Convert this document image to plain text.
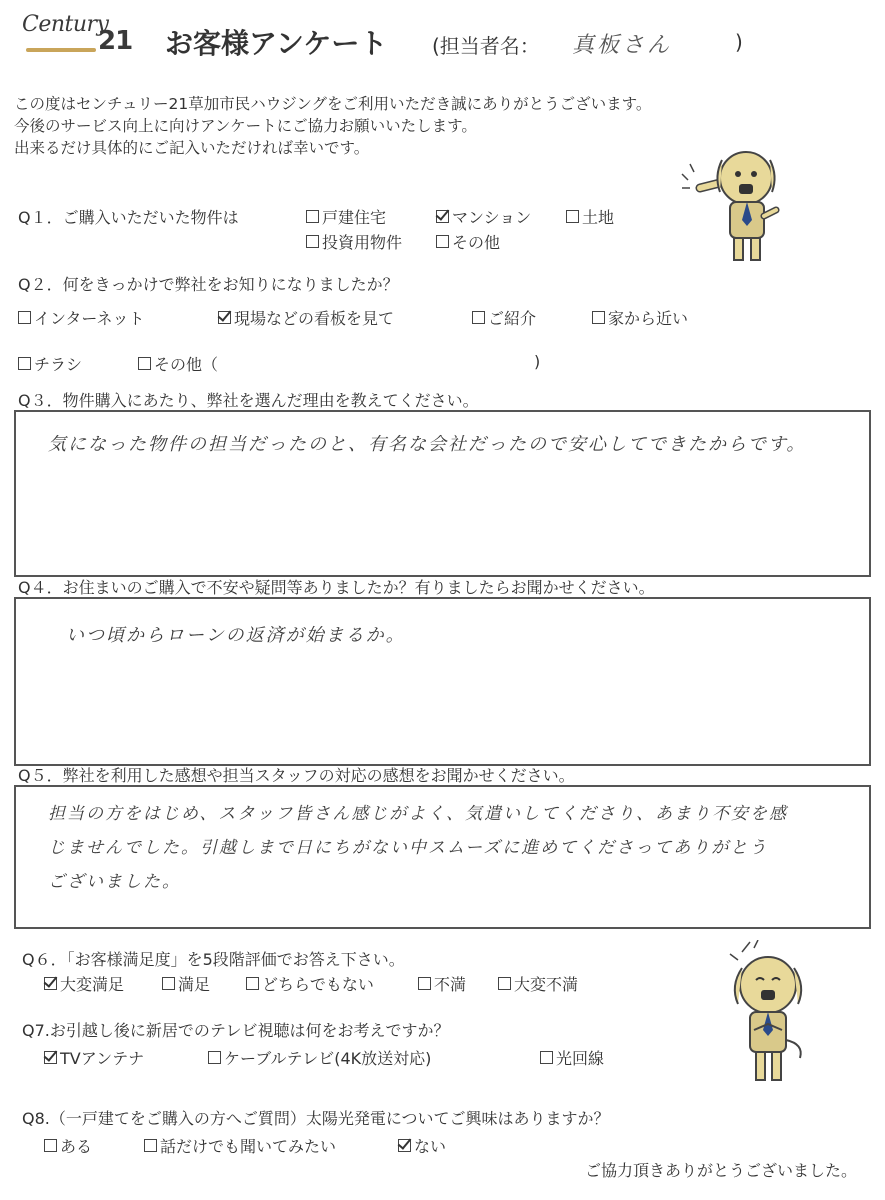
Century
21 お客様アンケート (担当者名： 真板さん	)
この度はセンチュリー21草加市民ハウジングをご利用いただき誠にありがとうございます。
今後のサービス向上に向けアンケートにご協力お願いいたします。
出来るだけ具体的にご記入いただければ幸いです。
Q１．ご購入いただいた物件は	戸建住宅	マンション	土地
投資用物件	その他
Q２．何をきっかけで弊社をお知りになりましたか？
インターネット	現場などの看板を見て	ご紹介	家から近い
チラシ	その他（	)
Q３．物件購入にあたり、弊社を選んだ理由を教えてください。
気になった物件の担当だったのと、有名な会社だったので安心してできたからです。
Q４．お住まいのご購入で不安や疑問等ありましたか？有りましたらお聞かせください。
いつ頃からローンの返済が始まるか。
Q５．弊社を利用した感想や担当スタッフの対応の感想をお聞かせください。
担当の方をはじめ、スタッフ皆さん感じがよく、気遣いしてくださり、あまり不安を感
じませんでした。引越しまで日にちがない中スムーズに進めてくださってありがとう
ございました。
Q６．「お客様満足度」を5段階評価でお答え下さい。
大変満足	満足	どちらでもない	不満	大変不満
Q7.お引越し後に新居でのテレビ視聴は何をお考えですか？
TVアンテナ	ケーブルテレビ(4K放送対応)	光回線
Q8.（一戸建てをご購入の方へご質問）太陽光発電についてご興味はありますか？
ある	話だけでも聞いてみたい	ない
ご協力頂きありがとうございました。
